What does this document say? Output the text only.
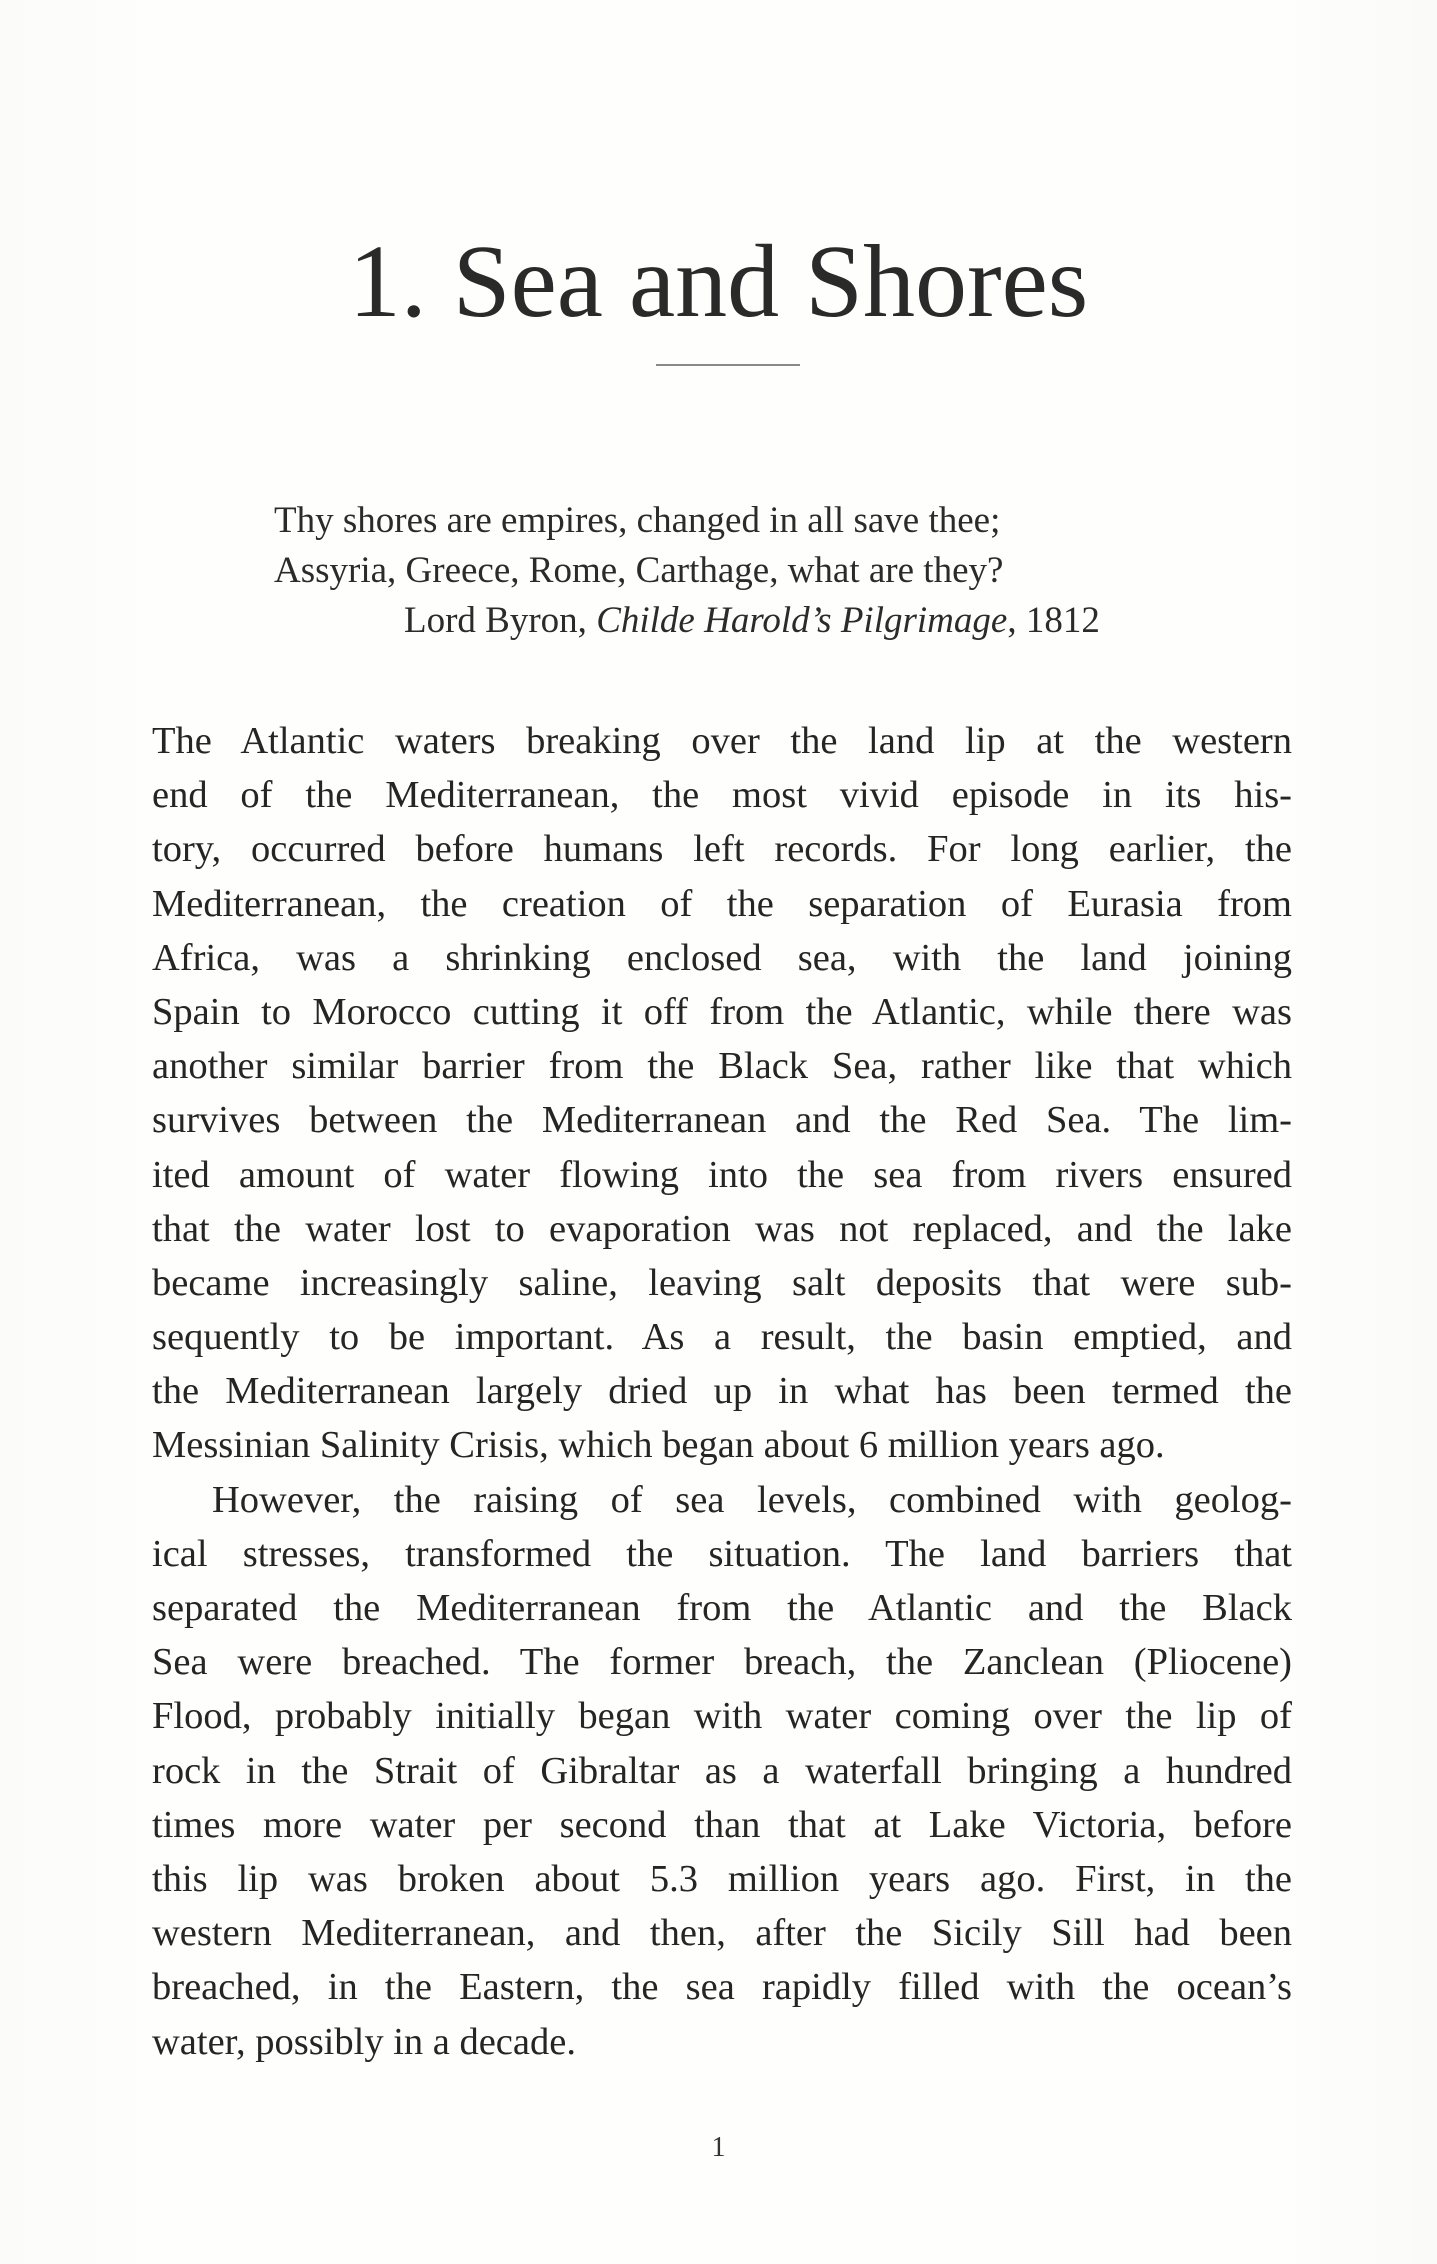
1. Sea and Shores
Thy shores are empires, changed in all save thee;
Assyria, Greece, Rome, Carthage, what are they?
Lord Byron, Childe Harold’s Pilgrimage, 1812

The Atlantic waters breaking over the land lip at the western
end of the Mediterranean, the most vivid episode in its his-
tory, occurred before humans left records. For long earlier, the
Mediterranean, the creation of the separation of Eurasia from
Africa, was a shrinking enclosed sea, with the land joining
Spain to Morocco cutting it off from the Atlantic, while there was
another similar barrier from the Black Sea, rather like that which
survives between the Mediterranean and the Red Sea. The lim-
ited amount of water flowing into the sea from rivers ensured
that the water lost to evaporation was not replaced, and the lake
became increasingly saline, leaving salt deposits that were sub-
sequently to be important. As a result, the basin emptied, and
the Mediterranean largely dried up in what has been termed the
Messinian Salinity Crisis, which began about 6 million years ago.

However, the raising of sea levels, combined with geolog-
ical stresses, transformed the situation. The land barriers that
separated the Mediterranean from the Atlantic and the Black
Sea were breached. The former breach, the Zanclean (Pliocene)
Flood, probably initially began with water coming over the lip of
rock in the Strait of Gibraltar as a waterfall bringing a hundred
times more water per second than that at Lake Victoria, before
this lip was broken about 5.3 million years ago. First, in the
western Mediterranean, and then, after the Sicily Sill had been
breached, in the Eastern, the sea rapidly filled with the ocean’s
water, possibly in a decade.

1
